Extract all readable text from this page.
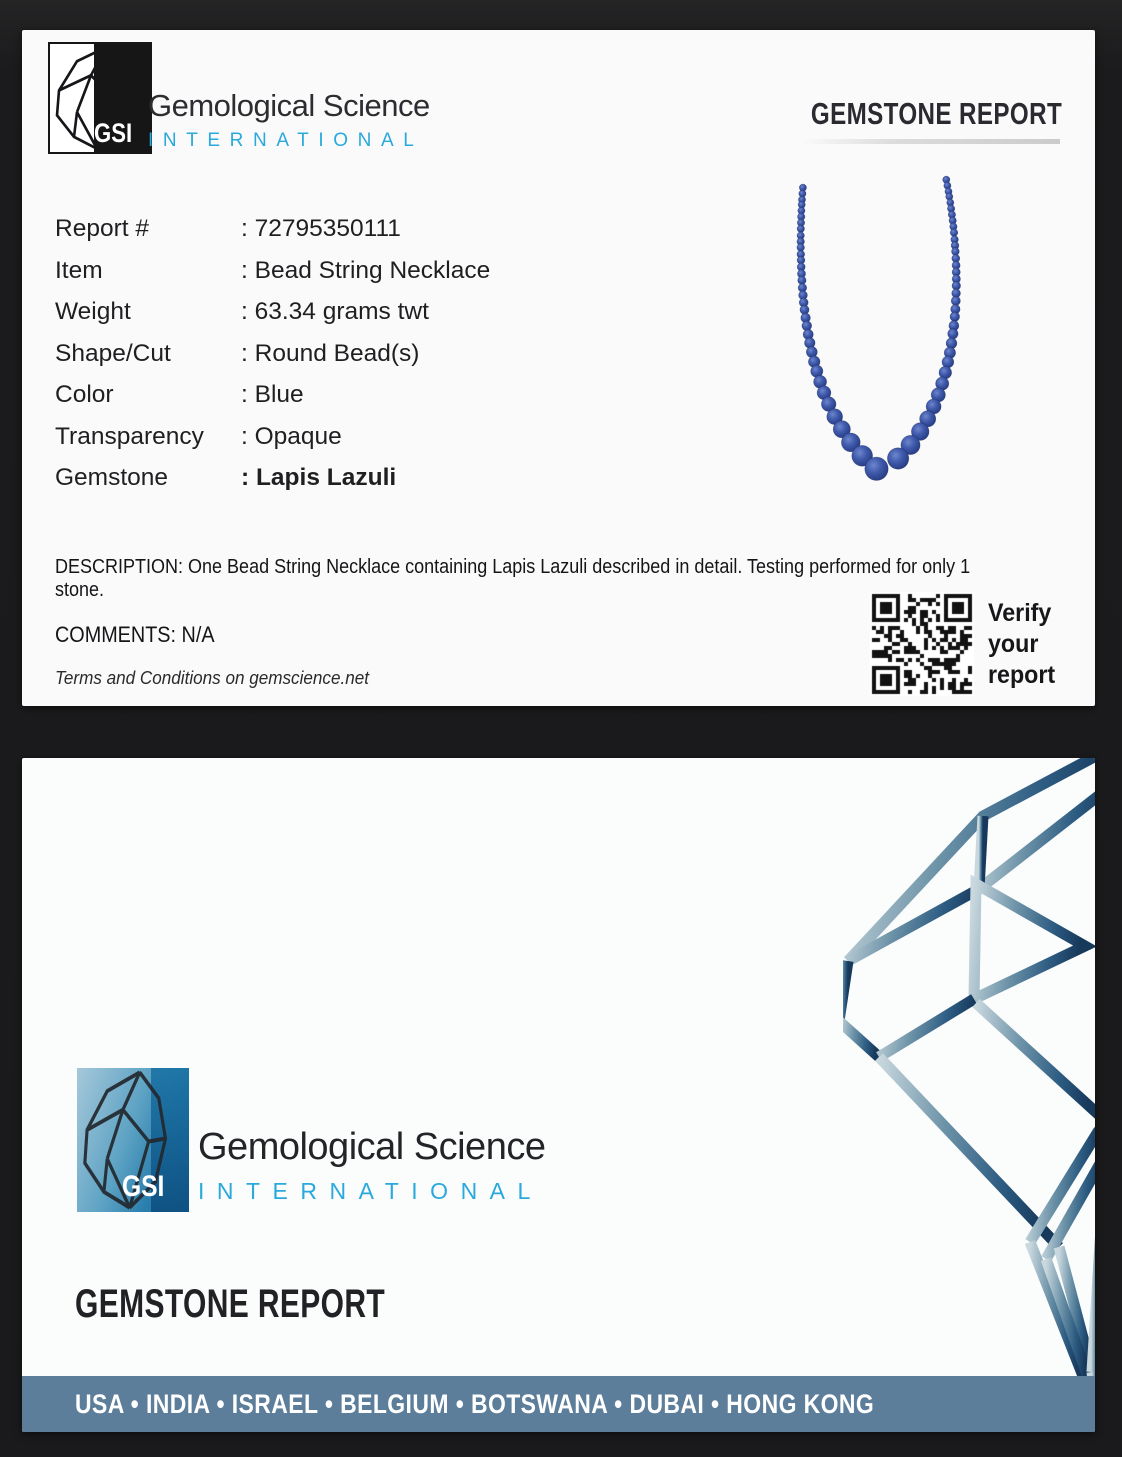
GSI
Gemological Science
INTERNATIONAL
GEMSTONE REPORT
Report #	: 72795350111
Item	: Bead String Necklace
Weight	: 63.34 grams twt
Shape/Cut	: Round Bead(s)
Color	: Blue
Transparency	: Opaque
Gemstone	: Lapis Lazuli

DESCRIPTION: One Bead String Necklace containing Lapis Lazuli described in detail. Testing performed for only 1 stone.

COMMENTS: N/A

Terms and Conditions on gemscience.net

Verify
your
report
GSI
Gemological Science
INTERNATIONAL
GEMSTONE REPORT
USA • INDIA • ISRAEL • BELGIUM • BOTSWANA • DUBAI • HONG KONG
